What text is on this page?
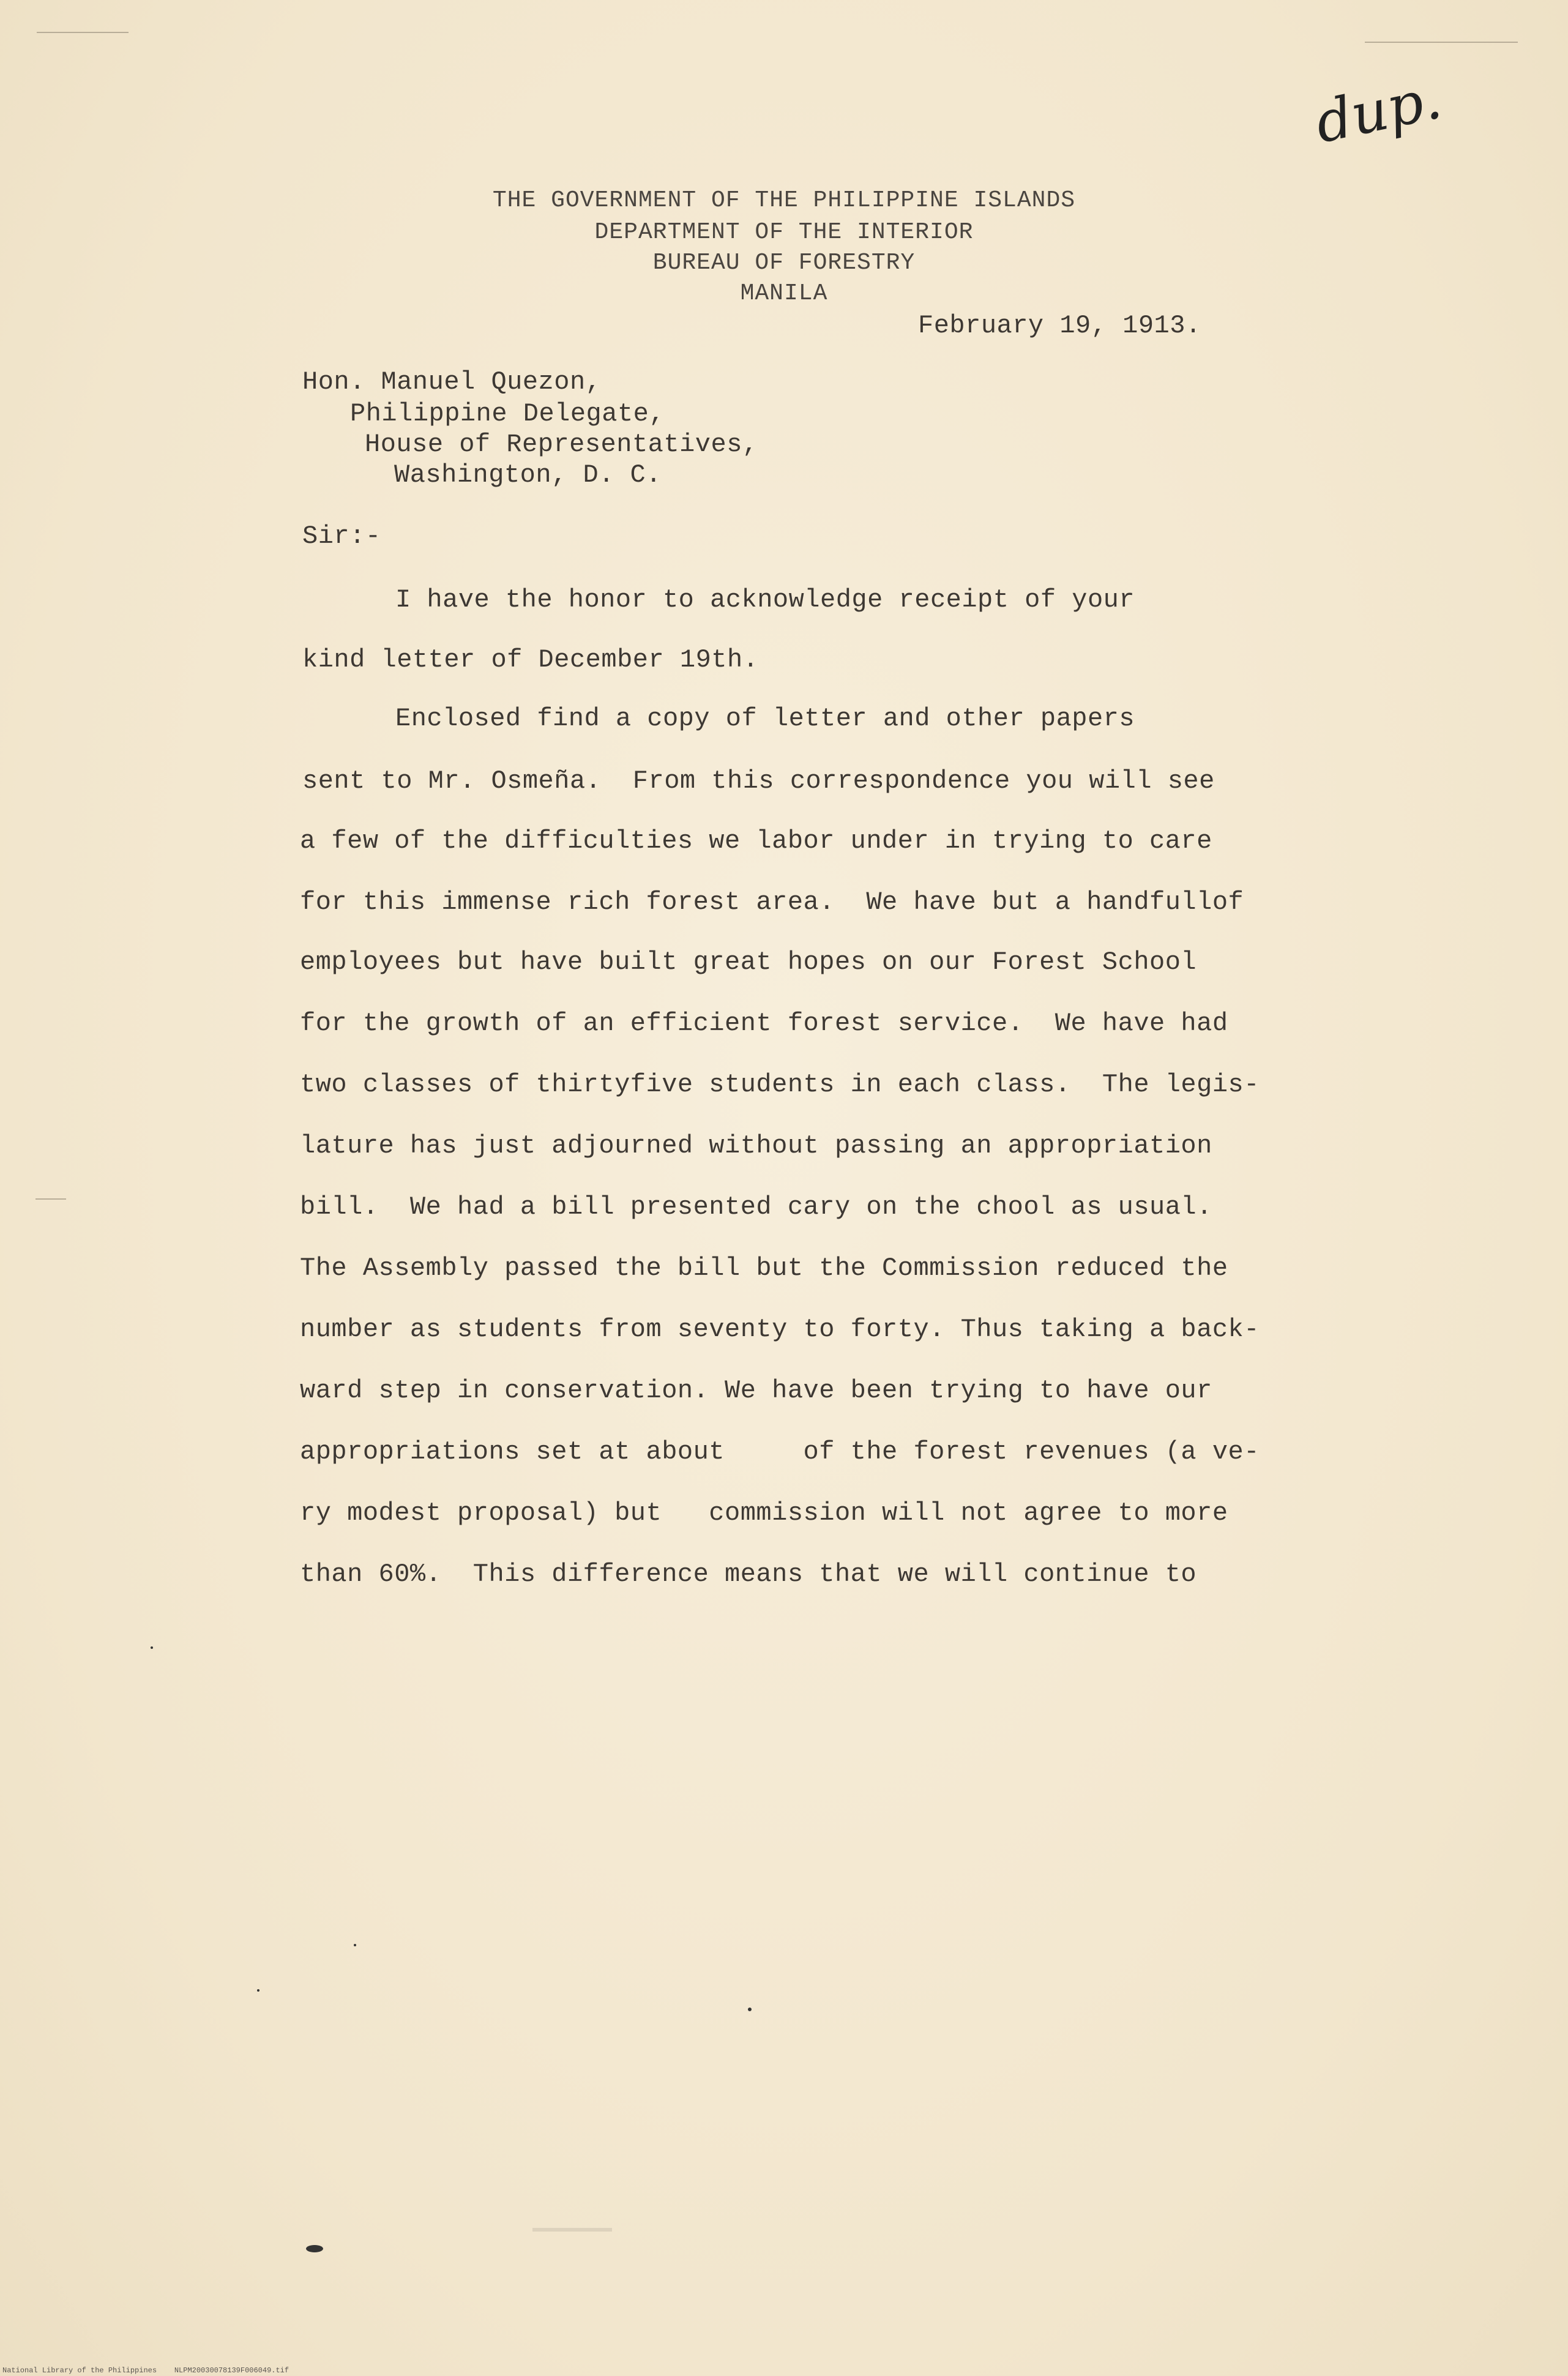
dup.
THE GOVERNMENT OF THE PHILIPPINE ISLANDS
DEPARTMENT OF THE INTERIOR
BUREAU OF FORESTRY
MANILA
February 19, 1913.
Hon. Manuel Quezon,
Philippine Delegate,
House of Representatives,
Washington, D. C.
Sir:-
I have the honor to acknowledge receipt of your
kind letter of December 19th.
Enclosed find a copy of letter and other papers
sent to Mr. Osmeña.  From this correspondence you will see
a few of the difficulties we labor under in trying to care
for this immense rich forest area.  We have but a handfullof
employees but have built great hopes on our Forest School
for the growth of an efficient forest service.  We have had
two classes of thirtyfive students in each class.  The legis-
lature has just adjourned without passing an appropriation
bill.  We had a bill presented cary on the chool as usual.
The Assembly passed the bill but the Commission reduced the
number as students from seventy to forty. Thus taking a back-
ward step in conservation. We have been trying to have our
appropriations set at about     of the forest revenues (a ve-
ry modest proposal) but   commission will not agree to more
than 60%.  This difference means that we will continue to
National Library of the Philippines    NLPM20030078139F006049.tif
